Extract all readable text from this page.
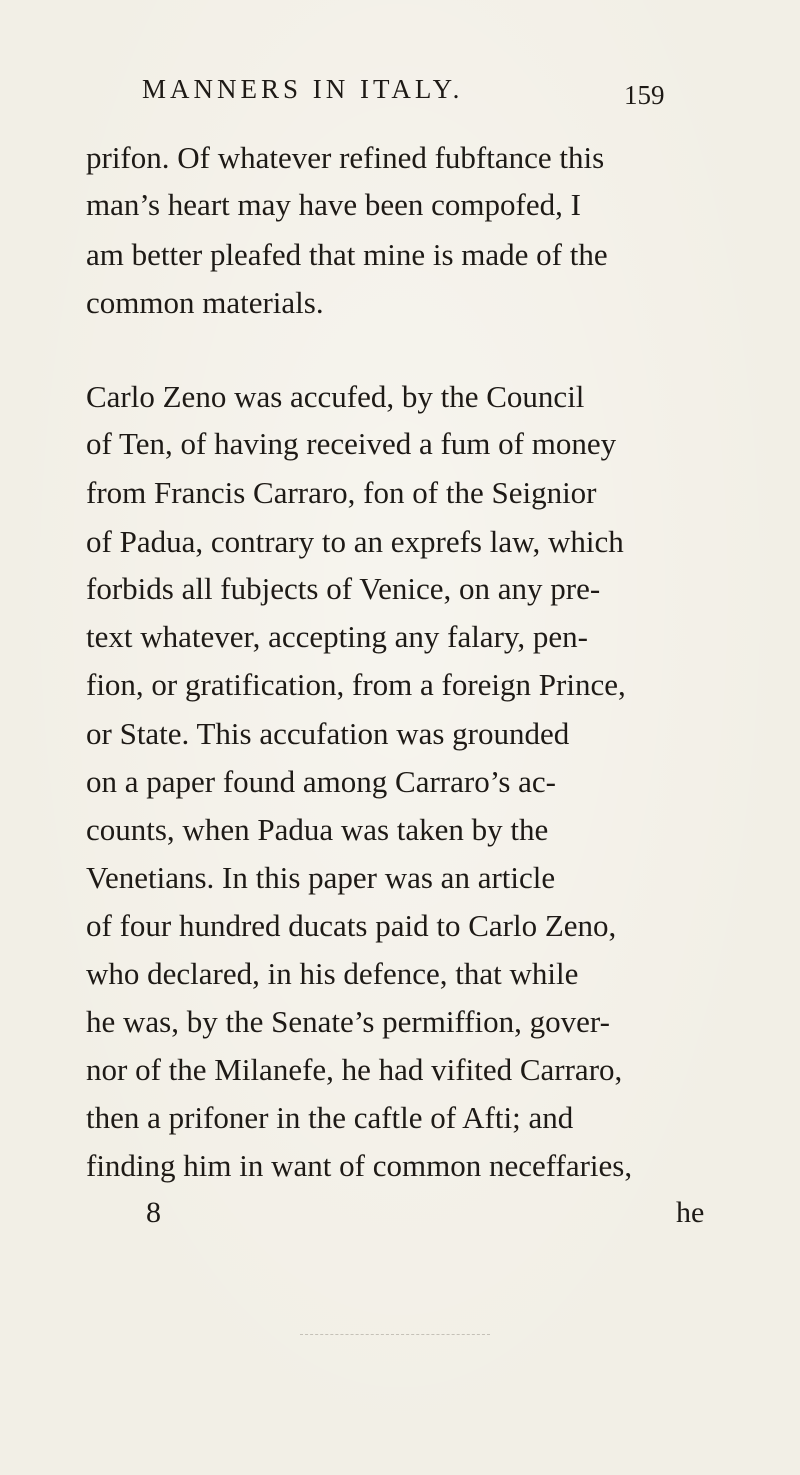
MANNERS IN ITALY.	159
prifon. Of whatever refined fubftance this
man’s heart may have been compofed, I
am better pleafed that mine is made of the
common materials.
Carlo Zeno was accufed, by the Council
of Ten, of having received a fum of money
from Francis Carraro, fon of the Seignior
of Padua, contrary to an exprefs law, which
forbids all fubjects of Venice, on any pre-
text whatever, accepting any falary, pen-
fion, or gratification, from a foreign Prince,
or State. This accufation was grounded
on a paper found among Carraro’s ac-
counts, when Padua was taken by the
Venetians. In this paper was an article
of four hundred ducats paid to Carlo Zeno,
who declared, in his defence, that while
he was, by the Senate’s permiffion, gover-
nor of the Milanefe, he had vifited Carraro,
then a prifoner in the caftle of Afti; and
finding him in want of common neceffaries,
8	he
